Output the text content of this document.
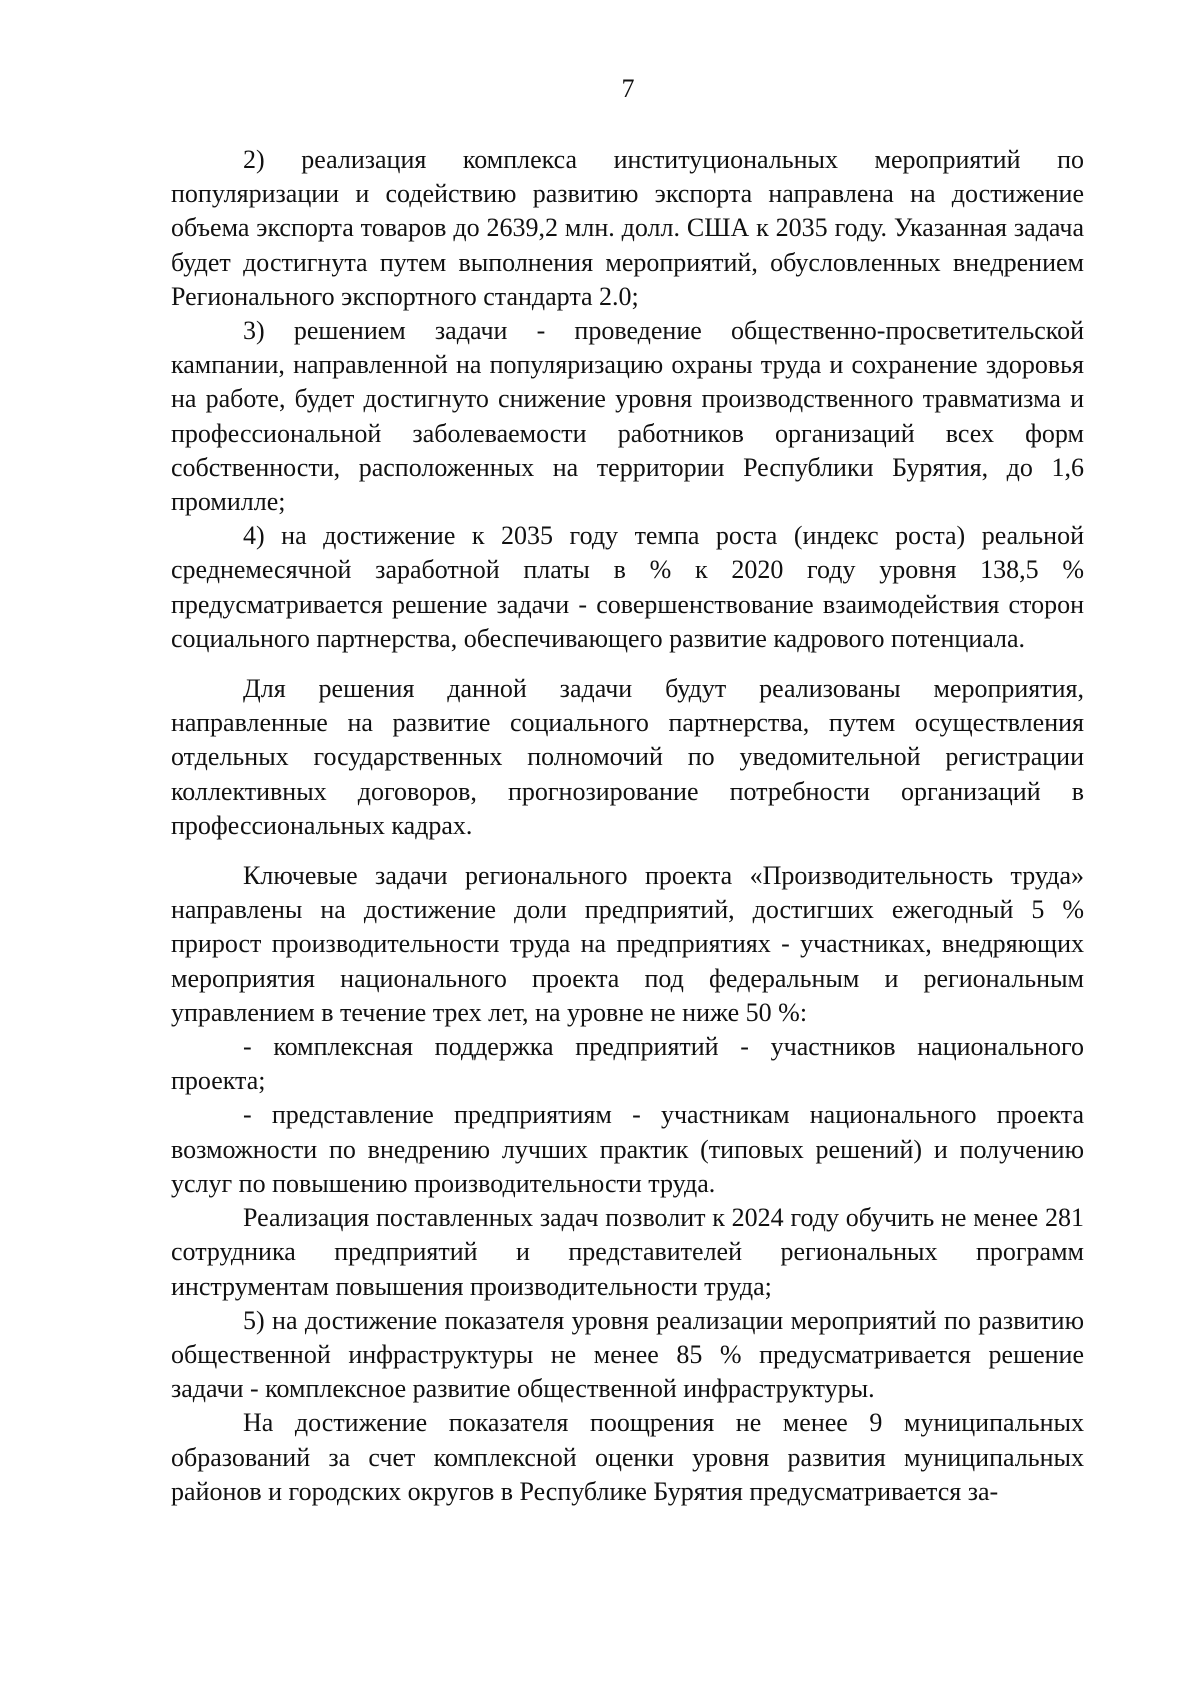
7

2) реализация комплекса институциональных мероприятий по популяризации и содействию развитию экспорта направлена на достижение объема экспорта товаров до 2639,2 млн. долл. США к 2035 году. Указанная задача будет достигнута путем выполнения мероприятий, обусловленных внедрением Регионального экспортного стандарта 2.0;

3) решением задачи - проведение общественно-просветительской кампании, направленной на популяризацию охраны труда и сохранение здоровья на работе, будет достигнуто снижение уровня производственного травматизма и профессиональной заболеваемости работников организаций всех форм собственности, расположенных на территории Республики Бурятия, до 1,6 промилле;

4) на достижение к 2035 году темпа роста (индекс роста) реальной среднемесячной заработной платы в % к 2020 году уровня 138,5 % предусматривается решение задачи - совершенствование взаимодействия сторон социального партнерства, обеспечивающего развитие кадрового потенциала.

Для решения данной задачи будут реализованы мероприятия, направленные на развитие социального партнерства, путем осуществления отдельных государственных полномочий по уведомительной регистрации коллективных договоров, прогнозирование потребности организаций в профессиональных кадрах.

Ключевые задачи регионального проекта «Производительность труда» направлены на достижение доли предприятий, достигших ежегодный 5 % прирост производительности труда на предприятиях - участниках, внедряющих мероприятия национального проекта под федеральным и региональным управлением в течение трех лет, на уровне не ниже 50 %:

- комплексная поддержка предприятий - участников национального проекта;

- представление предприятиям - участникам национального проекта возможности по внедрению лучших практик (типовых решений) и получению услуг по повышению производительности труда.

Реализация поставленных задач позволит к 2024 году обучить не менее 281 сотрудника предприятий и представителей региональных программ инструментам повышения производительности труда;

5) на достижение показателя уровня реализации мероприятий по развитию общественной инфраструктуры не менее 85 % предусматривается решение задачи - комплексное развитие общественной инфраструктуры.

На достижение показателя поощрения не менее 9 муниципальных образований за счет комплексной оценки уровня развития муниципальных районов и городских округов в Республике Бурятия предусматривается за-
